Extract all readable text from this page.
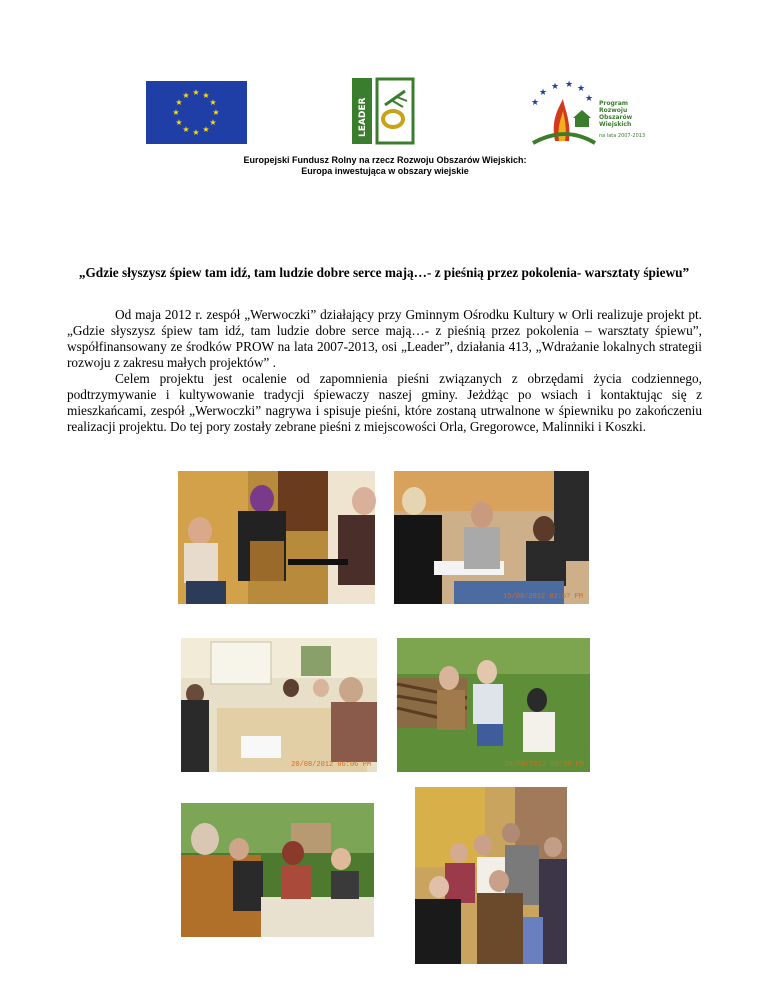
★ ★
★
★
★
★
★
★
★
★
★
★
LEADER	★
★
★ ★ ★
★ Program
Rozwoju
Obszarów
Wiejskich
na lata 2007-2013
Europejski Fundusz Rolny na rzecz Rozwoju Obszarów Wiejskich:
Europa inwestująca w obszary wiejskie
„Gdzie słyszysz śpiew tam idź, tam ludzie dobre serce mają…- z pieśnią przez pokolenia- warsztaty śpiewu”

Od maja 2012 r. zespół „Werwoczki” działający przy Gminnym Ośrodku Kultury w Orli realizuje projekt pt. „Gdzie słyszysz śpiew tam idź, tam ludzie dobre serce mają…- z pieśnią przez pokolenia – warsztaty śpiewu”, współfinansowany ze środków PROW na lata 2007-2013, osi „Leader”, działania 413, „Wdrażanie lokalnych strategii rozwoju z zakresu małych projektów” .

Celem projektu jest ocalenie od zapomnienia pieśni związanych z obrzędami życia codziennego, podtrzymywanie i kultywowanie tradycji śpiewaczy naszej gminy. Jeżdżąc po wsiach i kontaktując się z mieszkańcami, zespół „Werwoczki” nagrywa i spisuje pieśni, które zostaną utrwalnone w śpiewniku po zakończeniu realizacji projektu. Do tej pory zostały zebrane pieśni z miejscowości Orla, Gregorowce, Malinniki i Koszki.

15/08/2012 02:5? PM
20/08/2012 06:06 PM	20/08/2012 05:58 PM
